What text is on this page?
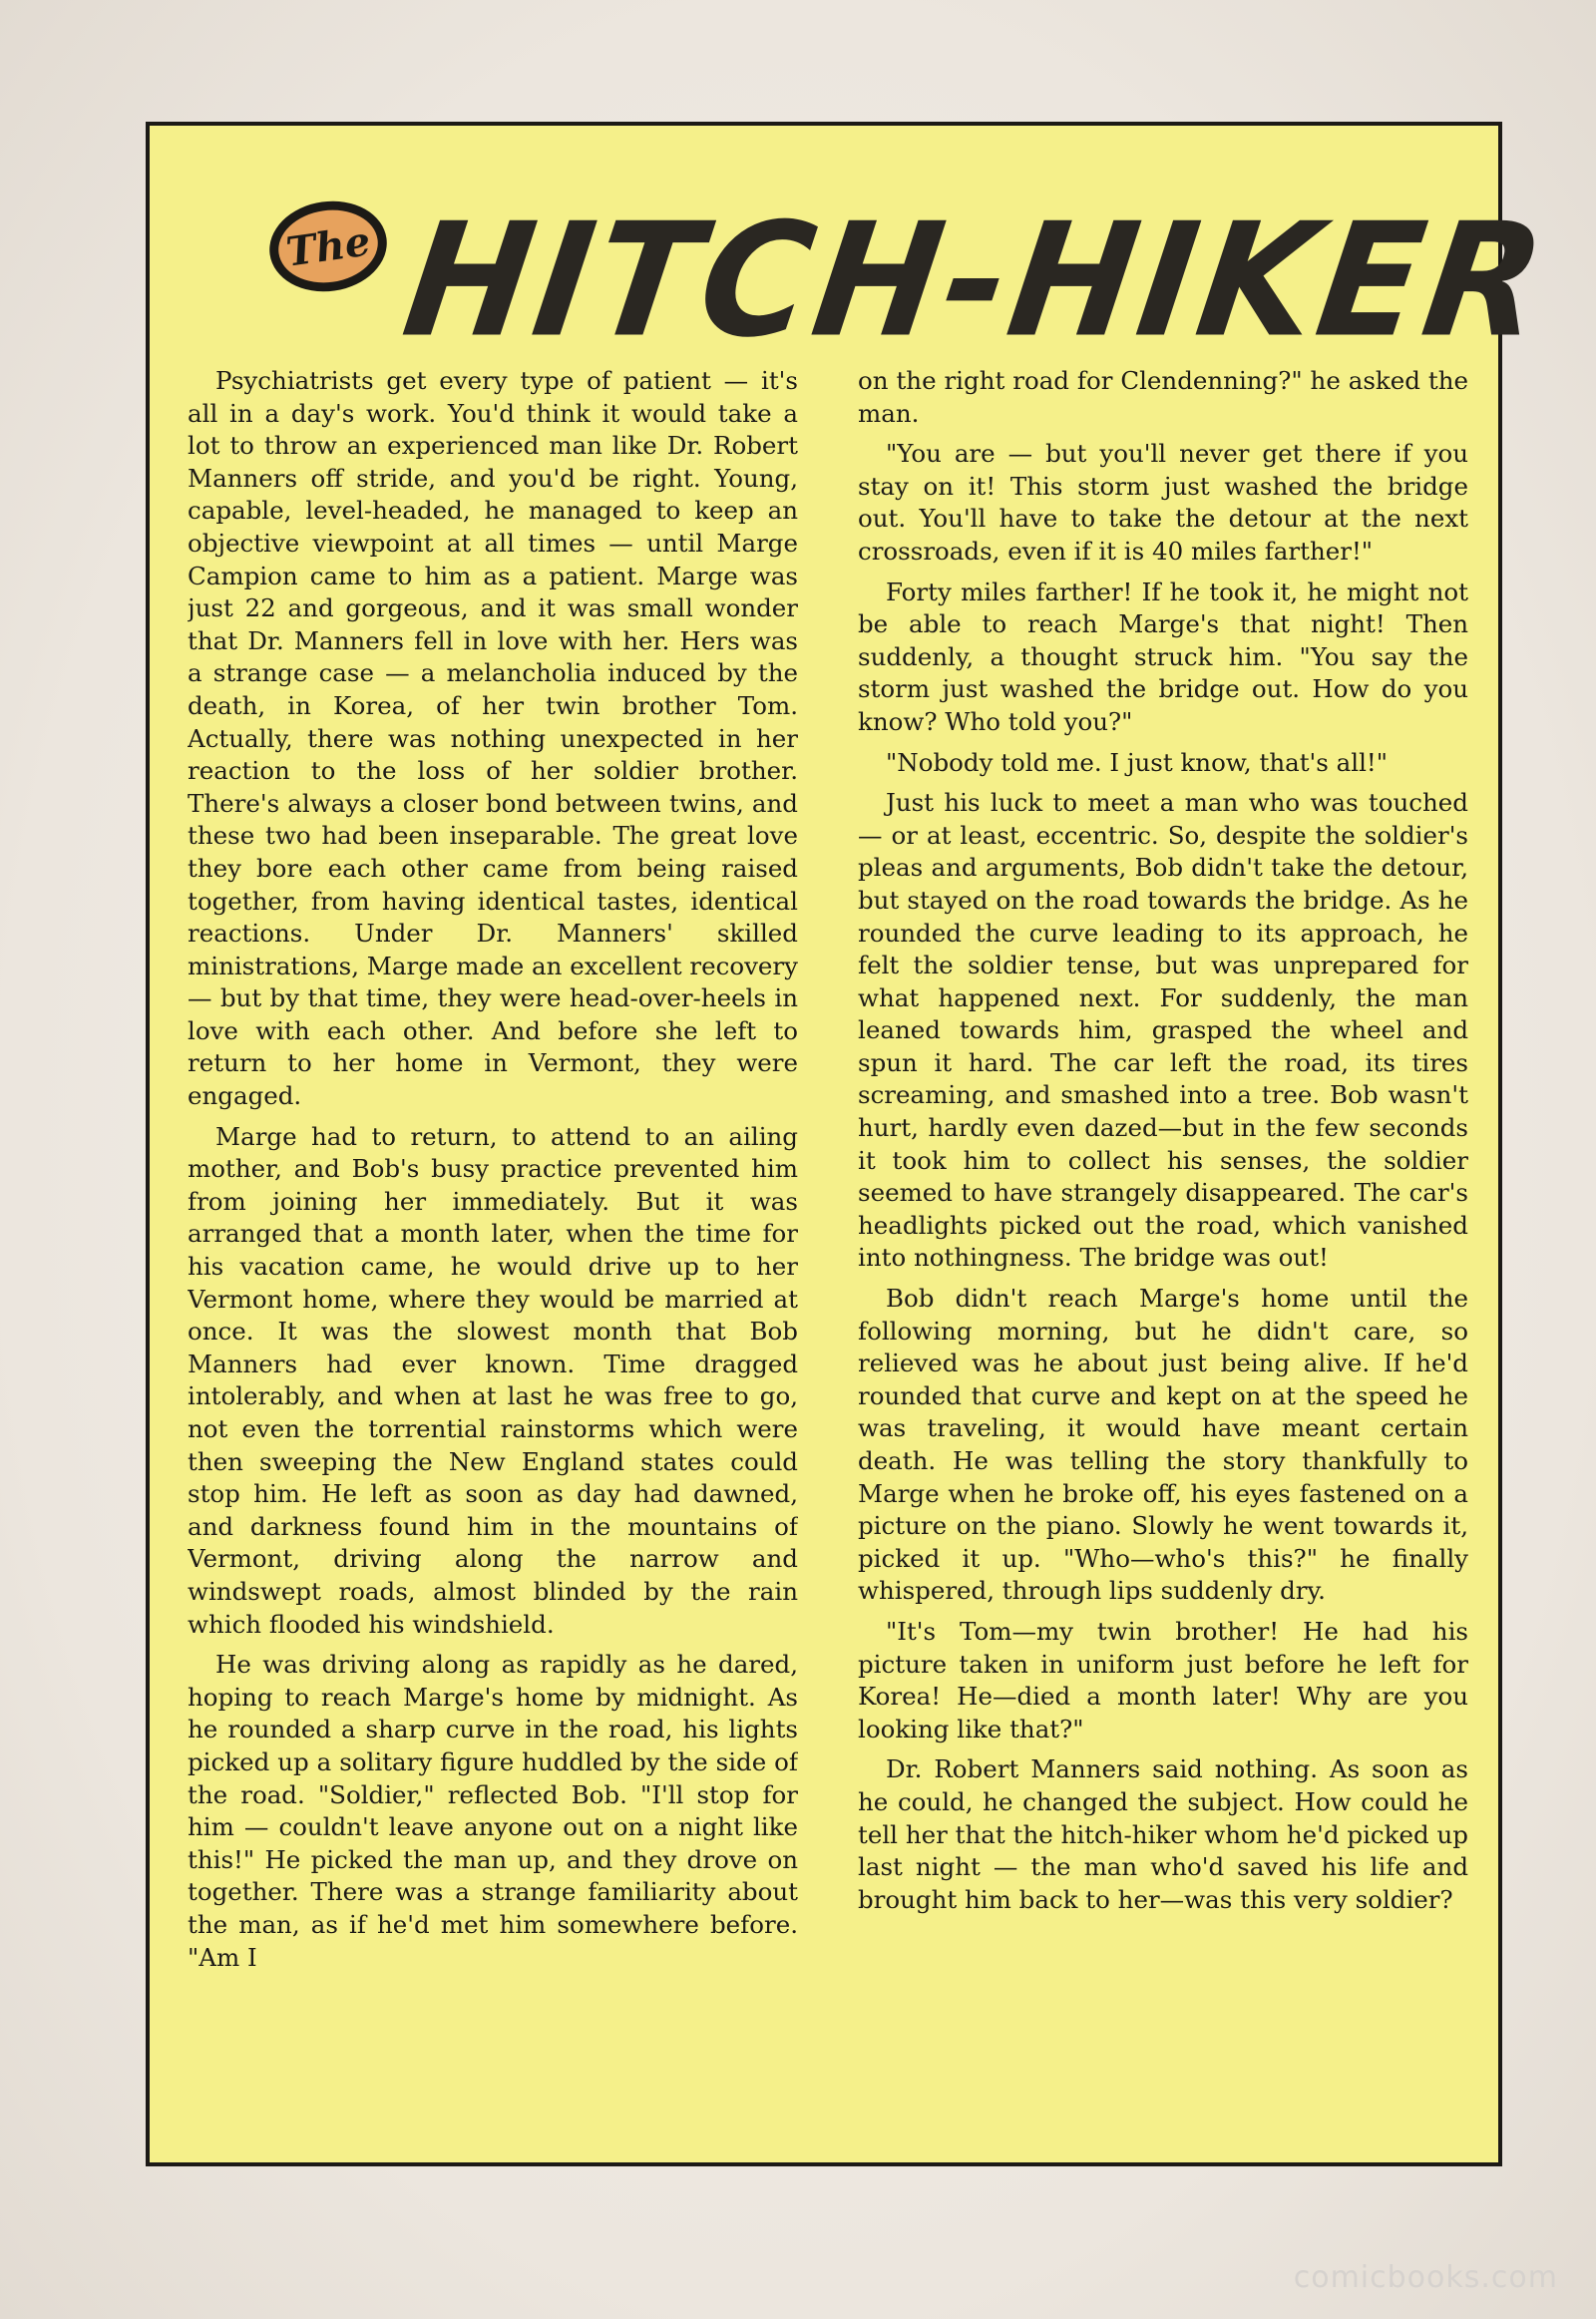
The HITCH-HIKER

Psychiatrists get every type of patient — it's all in a day's work. You'd think it would take a lot to throw an experienced man like Dr. Robert Manners off stride, and you'd be right. Young, capable, level-headed, he managed to keep an objective viewpoint at all times — until Marge Campion came to him as a patient. Marge was just 22 and gorgeous, and it was small wonder that Dr. Manners fell in love with her. Hers was a strange case — a melancholia induced by the death, in Korea, of her twin brother Tom. Actually, there was nothing unexpected in her reaction to the loss of her soldier brother. There's always a closer bond between twins, and these two had been inseparable. The great love they bore each other came from being raised together, from having identical tastes, identical reactions. Under Dr. Manners' skilled ministrations, Marge made an excellent recovery — but by that time, they were head-over-heels in love with each other. And before she left to return to her home in Vermont, they were engaged.

Marge had to return, to attend to an ailing mother, and Bob's busy practice prevented him from joining her immediately. But it was arranged that a month later, when the time for his vacation came, he would drive up to her Vermont home, where they would be married at once. It was the slowest month that Bob Manners had ever known. Time dragged intolerably, and when at last he was free to go, not even the torrential rainstorms which were then sweeping the New England states could stop him. He left as soon as day had dawned, and darkness found him in the mountains of Vermont, driving along the narrow and windswept roads, almost blinded by the rain which flooded his windshield.

He was driving along as rapidly as he dared, hoping to reach Marge's home by midnight. As he rounded a sharp curve in the road, his lights picked up a solitary figure huddled by the side of the road. "Soldier," reflected Bob. "I'll stop for him — couldn't leave anyone out on a night like this!" He picked the man up, and they drove on together. There was a strange familiarity about the man, as if he'd met him somewhere before. "Am I

on the right road for Clendenning?" he asked the man.

"You are — but you'll never get there if you stay on it! This storm just washed the bridge out. You'll have to take the detour at the next crossroads, even if it is 40 miles farther!"

Forty miles farther! If he took it, he might not be able to reach Marge's that night! Then suddenly, a thought struck him. "You say the storm just washed the bridge out. How do you know? Who told you?"

"Nobody told me. I just know, that's all!"

Just his luck to meet a man who was touched — or at least, eccentric. So, despite the soldier's pleas and arguments, Bob didn't take the detour, but stayed on the road towards the bridge. As he rounded the curve leading to its approach, he felt the soldier tense, but was unprepared for what happened next. For suddenly, the man leaned towards him, grasped the wheel and spun it hard. The car left the road, its tires screaming, and smashed into a tree. Bob wasn't hurt, hardly even dazed—but in the few seconds it took him to collect his senses, the soldier seemed to have strangely disappeared. The car's headlights picked out the road, which vanished into nothingness. The bridge was out!

Bob didn't reach Marge's home until the following morning, but he didn't care, so relieved was he about just being alive. If he'd rounded that curve and kept on at the speed he was traveling, it would have meant certain death. He was telling the story thankfully to Marge when he broke off, his eyes fastened on a picture on the piano. Slowly he went towards it, picked it up. "Who—who's this?" he finally whispered, through lips suddenly dry.

"It's Tom—my twin brother! He had his picture taken in uniform just before he left for Korea! He—died a month later! Why are you looking like that?"

Dr. Robert Manners said nothing. As soon as he could, he changed the subject. How could he tell her that the hitch-hiker whom he'd picked up last night — the man who'd saved his life and brought him back to her—was this very soldier?

comicbooks.com
